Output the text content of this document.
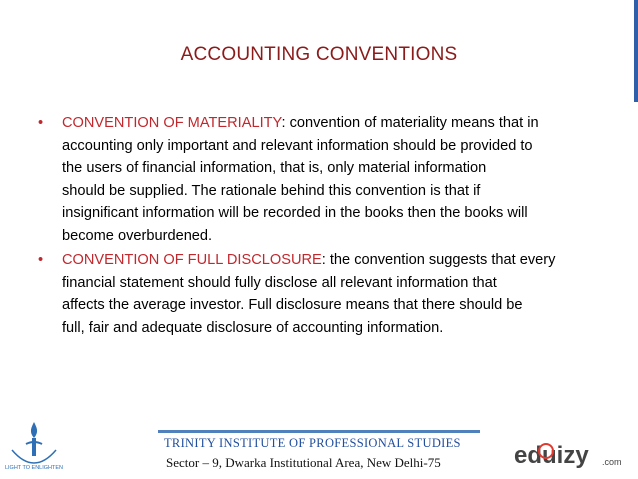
ACCOUNTING CONVENTIONS
•	CONVENTION OF MATERIALITY: convention of materiality means that in
accounting only important and relevant information should be provided to
the users of financial information, that is, only material information
should be supplied. The rationale behind this convention is that if
insignificant information will be recorded in the books then the books will
become overburdened.
•	CONVENTION OF FULL DISCLOSURE: the convention suggests that every
financial statement should fully disclose all relevant information that
affects the average investor. Full disclosure means that there should be
full, fair and adequate disclosure of accounting information.
LIGHT TO ENLIGHTEN
TRINITY INSTITUTE OF PROFESSIONAL STUDIES
Sector – 9, Dwarka Institutional Area, New Delhi-75	eduizy .com
